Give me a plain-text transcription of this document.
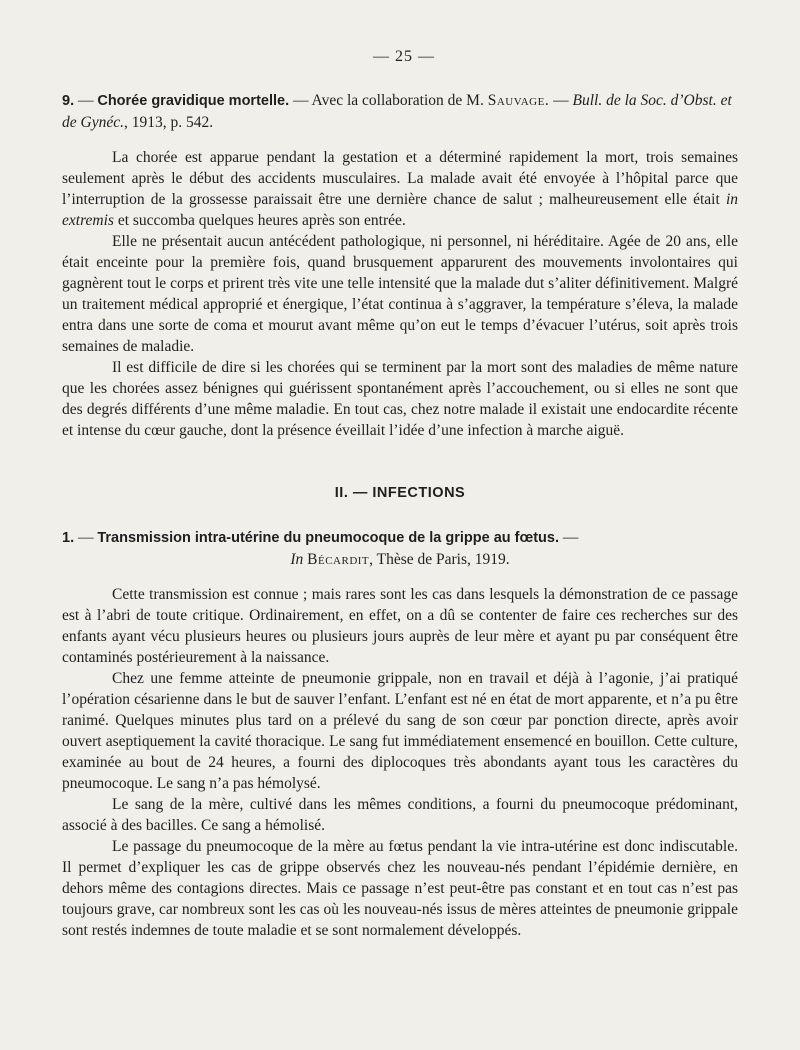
— 25 —
9. — Chorée gravidique mortelle. — Avec la collaboration de M. Sauvage. — Bull. de la Soc. d’Obst. et de Gynéc., 1913, p. 542.

La chorée est apparue pendant la gestation et a déterminé rapidement la mort, trois semaines seulement après le début des accidents musculaires. La malade avait été envoyée à l’hôpital parce que l’interruption de la grossesse paraissait être une dernière chance de salut ; malheureusement elle était in extremis et succomba quelques heures après son entrée.

Elle ne présentait aucun antécédent pathologique, ni personnel, ni héréditaire. Agée de 20 ans, elle était enceinte pour la première fois, quand brusquement apparurent des mouvements involontaires qui gagnèrent tout le corps et prirent très vite une telle intensité que la malade dut s’aliter définitivement. Malgré un traitement médical approprié et énergique, l’état continua à s’aggraver, la température s’éleva, la malade entra dans une sorte de coma et mourut avant même qu’on eut le temps d’évacuer l’utérus, soit après trois semaines de maladie.

Il est difficile de dire si les chorées qui se terminent par la mort sont des maladies de même nature que les chorées assez bénignes qui guérissent spontanément après l’accouchement, ou si elles ne sont que des degrés différents d’une même maladie. En tout cas, chez notre malade il existait une endocardite récente et intense du cœur gauche, dont la présence éveillait l’idée d’une infection à marche aiguë.

II. — INFECTIONS
1. — Transmission intra-utérine du pneumocoque de la grippe au fœtus. —
In Bécardit, Thèse de Paris, 1919.

Cette transmission est connue ; mais rares sont les cas dans lesquels la démonstration de ce passage est à l’abri de toute critique. Ordinairement, en effet, on a dû se contenter de faire ces recherches sur des enfants ayant vécu plusieurs heures ou plusieurs jours auprès de leur mère et ayant pu par conséquent être contaminés postérieurement à la naissance.

Chez une femme atteinte de pneumonie grippale, non en travail et déjà à l’agonie, j’ai pratiqué l’opération césarienne dans le but de sauver l’enfant. L’enfant est né en état de mort apparente, et n’a pu être ranimé. Quelques minutes plus tard on a prélevé du sang de son cœur par ponction directe, après avoir ouvert aseptiquement la cavité thoracique. Le sang fut immédiatement ensemencé en bouillon. Cette culture, examinée au bout de 24 heures, a fourni des diplocoques très abondants ayant tous les caractères du pneumocoque. Le sang n’a pas hémolysé.

Le sang de la mère, cultivé dans les mêmes conditions, a fourni du pneumocoque prédominant, associé à des bacilles. Ce sang a hémolisé.

Le passage du pneumocoque de la mère au fœtus pendant la vie intra-utérine est donc indiscutable. Il permet d’expliquer les cas de grippe observés chez les nouveau-nés pendant l’épidémie dernière, en dehors même des contagions directes. Mais ce passage n’est peut-être pas constant et en tout cas n’est pas toujours grave, car nombreux sont les cas où les nouveau-nés issus de mères atteintes de pneumonie grippale sont restés indemnes de toute maladie et se sont normalement développés.
